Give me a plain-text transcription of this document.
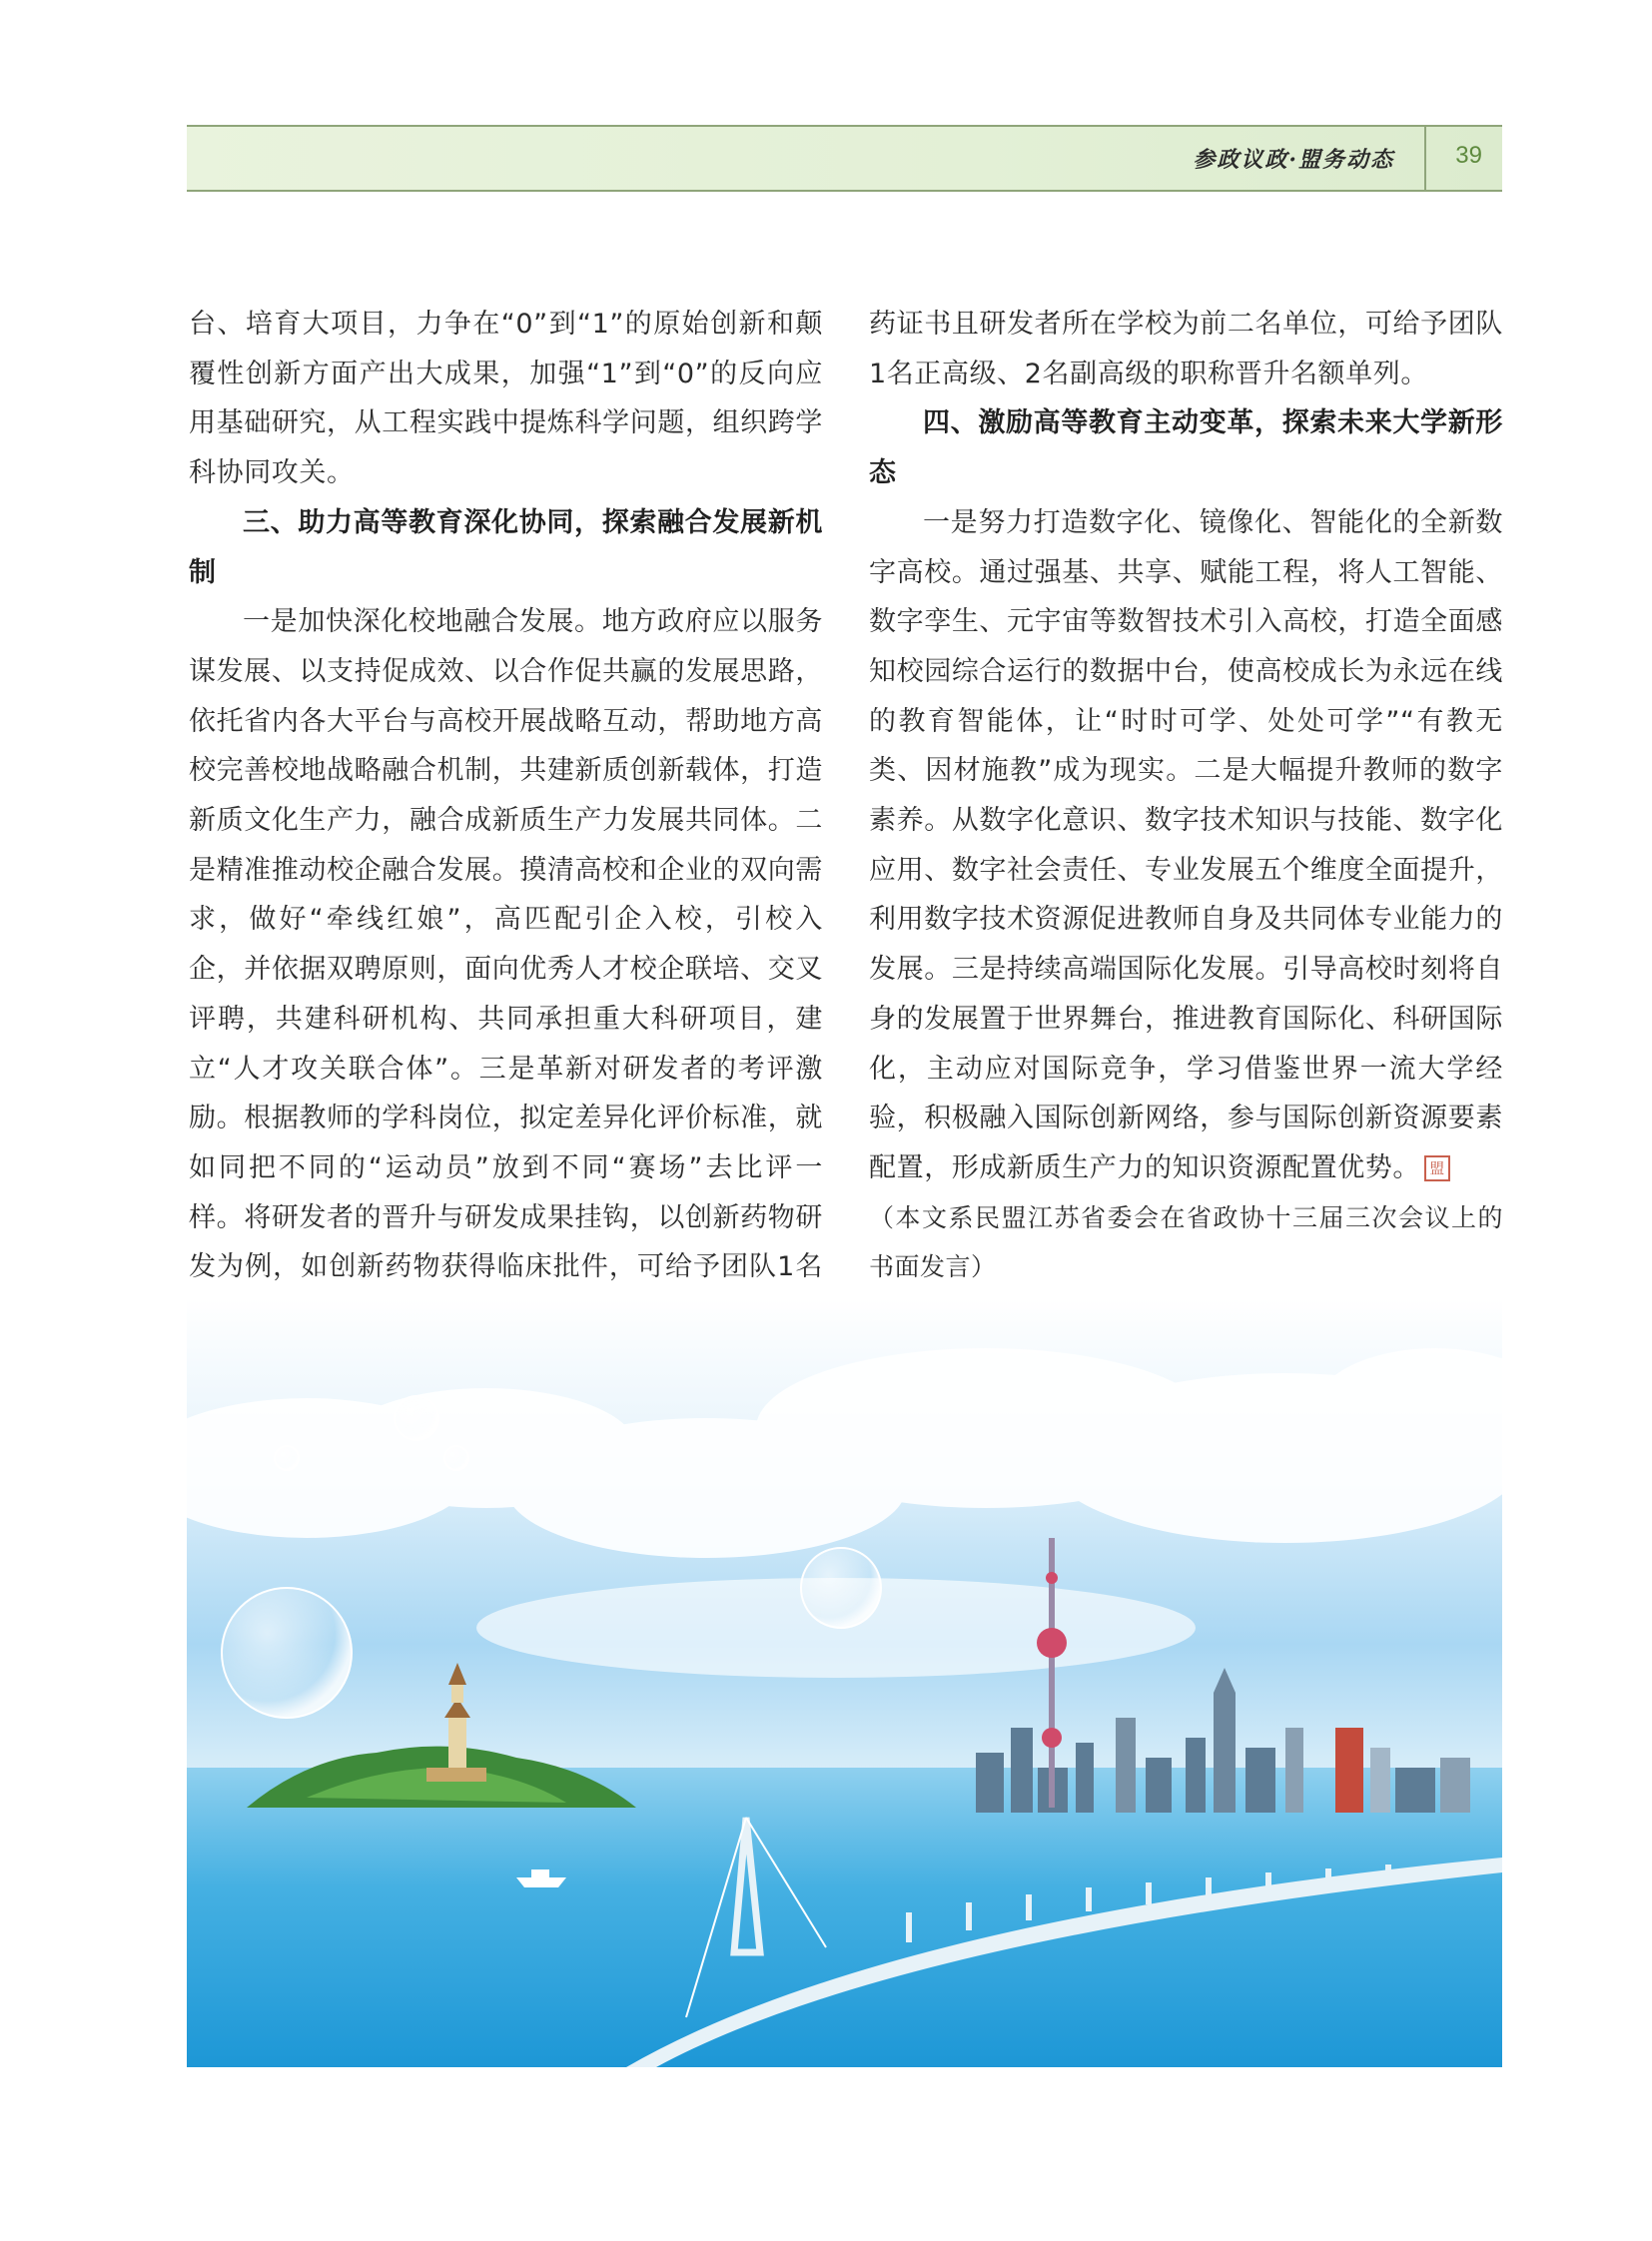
参政议政·盟务动态	39

台、培育大项目，力争在“0”到“1”的原始创新和颠覆性创新方面产出大成果，加强“1”到“0”的反向应用基础研究，从工程实践中提炼科学问题，组织跨学科协同攻关。

三、助力高等教育深化协同，探索融合发展新机制

一是加快深化校地融合发展。地方政府应以服务谋发展、以支持促成效、以合作促共赢的发展思路，依托省内各大平台与高校开展战略互动，帮助地方高校完善校地战略融合机制，共建新质创新载体，打造新质文化生产力，融合成新质生产力发展共同体。二是精准推动校企融合发展。摸清高校和企业的双向需求，做好“牵线红娘”，高匹配引企入校，引校入企，并依据双聘原则，面向优秀人才校企联培、交叉评聘，共建科研机构、共同承担重大科研项目，建立“人才攻关联合体”。三是革新对研发者的考评激励。根据教师的学科岗位，拟定差异化评价标准，就如同把不同的“运动员”放到不同“赛场”去比评一样。将研发者的晋升与研发成果挂钩，以创新药物研发为例，如创新药物获得临床批件，可给予团队1名

药证书且研发者所在学校为前二名单位，可给予团队1名正高级、2名副高级的职称晋升名额单列。

四、激励高等教育主动变革，探索未来大学新形态

一是努力打造数字化、镜像化、智能化的全新数字高校。通过强基、共享、赋能工程，将人工智能、数字孪生、元宇宙等数智技术引入高校，打造全面感知校园综合运行的数据中台，使高校成长为永远在线的教育智能体，让“时时可学、处处可学”“有教无类、因材施教”成为现实。二是大幅提升教师的数字素养。从数字化意识、数字技术知识与技能、数字化应用、数字社会责任、专业发展五个维度全面提升，利用数字技术资源促进教师自身及共同体专业能力的发展。三是持续高端国际化发展。引导高校时刻将自身的发展置于世界舞台，推进教育国际化、科研国际化，主动应对国际竞争，学习借鉴世界一流大学经验，积极融入国际创新网络，参与国际创新资源要素配置，形成新质生产力的知识资源配置优势。 盟

（本文系民盟江苏省委会在省政协十三届三次会议上的书面发言）
